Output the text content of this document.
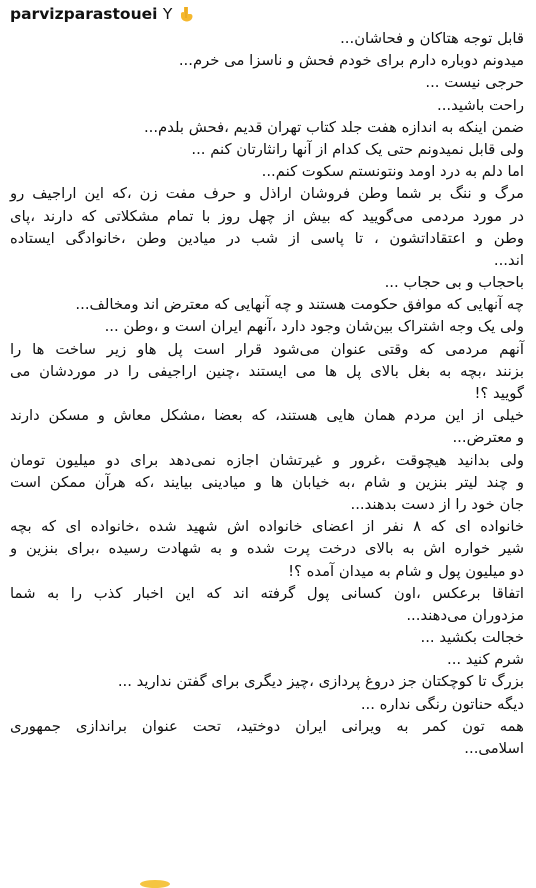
parvizparastouei Y
قابل توجه هتاکان و فحاشان...
میدونم دوباره دارم برای خودم فحش و ناسزا می خرم...
حرجی نیست ...
راحت باشید...
ضمن اینکه به اندازه هفت جلد کتاب تهران قدیم ،فحش بلدم...
ولی قابل نمیدونم حتی یک کدام از آنها رانثارتان کنم ...
اما دلم به درد اومد ونتونستم سکوت کنم...
مرگ و ننگ بر شما وطن فروشان اراذل و حرف مفت زن ،که این اراجیف رو
در مورد مردمی می‌گویید که بیش از چهل روز با تمام مشکلاتی که دارند ،پای
وطن و اعتقاداتشون ، تا پاسی از شب در میادین وطن ،خانوادگی ایستاده
اند...
باحجاب و بی حجاب ...
چه آنهایی که موافق حکومت هستند و چه آنهایی که معترض اند ومخالف...
ولی یک وجه اشتراک بین‌شان وجود دارد ،آنهم ایران است و ،وطن ...
آنهم مردمی که وقتی عنوان می‌شود قرار است پل هاو زیر ساخت ها را
بزنند ،بچه به بغل بالای پل ها می ایستند ،چنین اراجیفی را در موردشان می
گویید ؟!
خیلی از این مردم همان هایی هستند، که بعضا ،مشکل معاش و مسکن دارند
و معترض...
ولی بدانید هیچوقت ،غرور و غیرتشان اجازه نمی‌دهد برای دو میلیون تومان
و چند لیتر بنزین و شام ،به خیابان ها و میادینی بیایند ،که هرآن ممکن است
جان خود را از دست بدهند...
خانواده ای که ۸ نفر از اعضای خانواده اش شهید شده ،خانواده ای که بچه
شیر خواره اش به بالای درخت پرت شده و به شهادت رسیده ،برای بنزین و
دو میلیون پول و شام به میدان آمده ؟!
اتفاقا برعکس ،اون کسانی پول گرفته اند که این اخبار کذب را به شما
مزدوران می‌دهند...
خجالت بکشید ...
شرم کنید ...
بزرگ تا کوچکتان جز دروغ پردازی ،چیز دیگری برای گفتن ندارید ...
دیگه حناتون رنگی نداره ...
همه تون کمر به ویرانی ایران دوختید، تحت عنوان براندازی جمهوری
اسلامی...
